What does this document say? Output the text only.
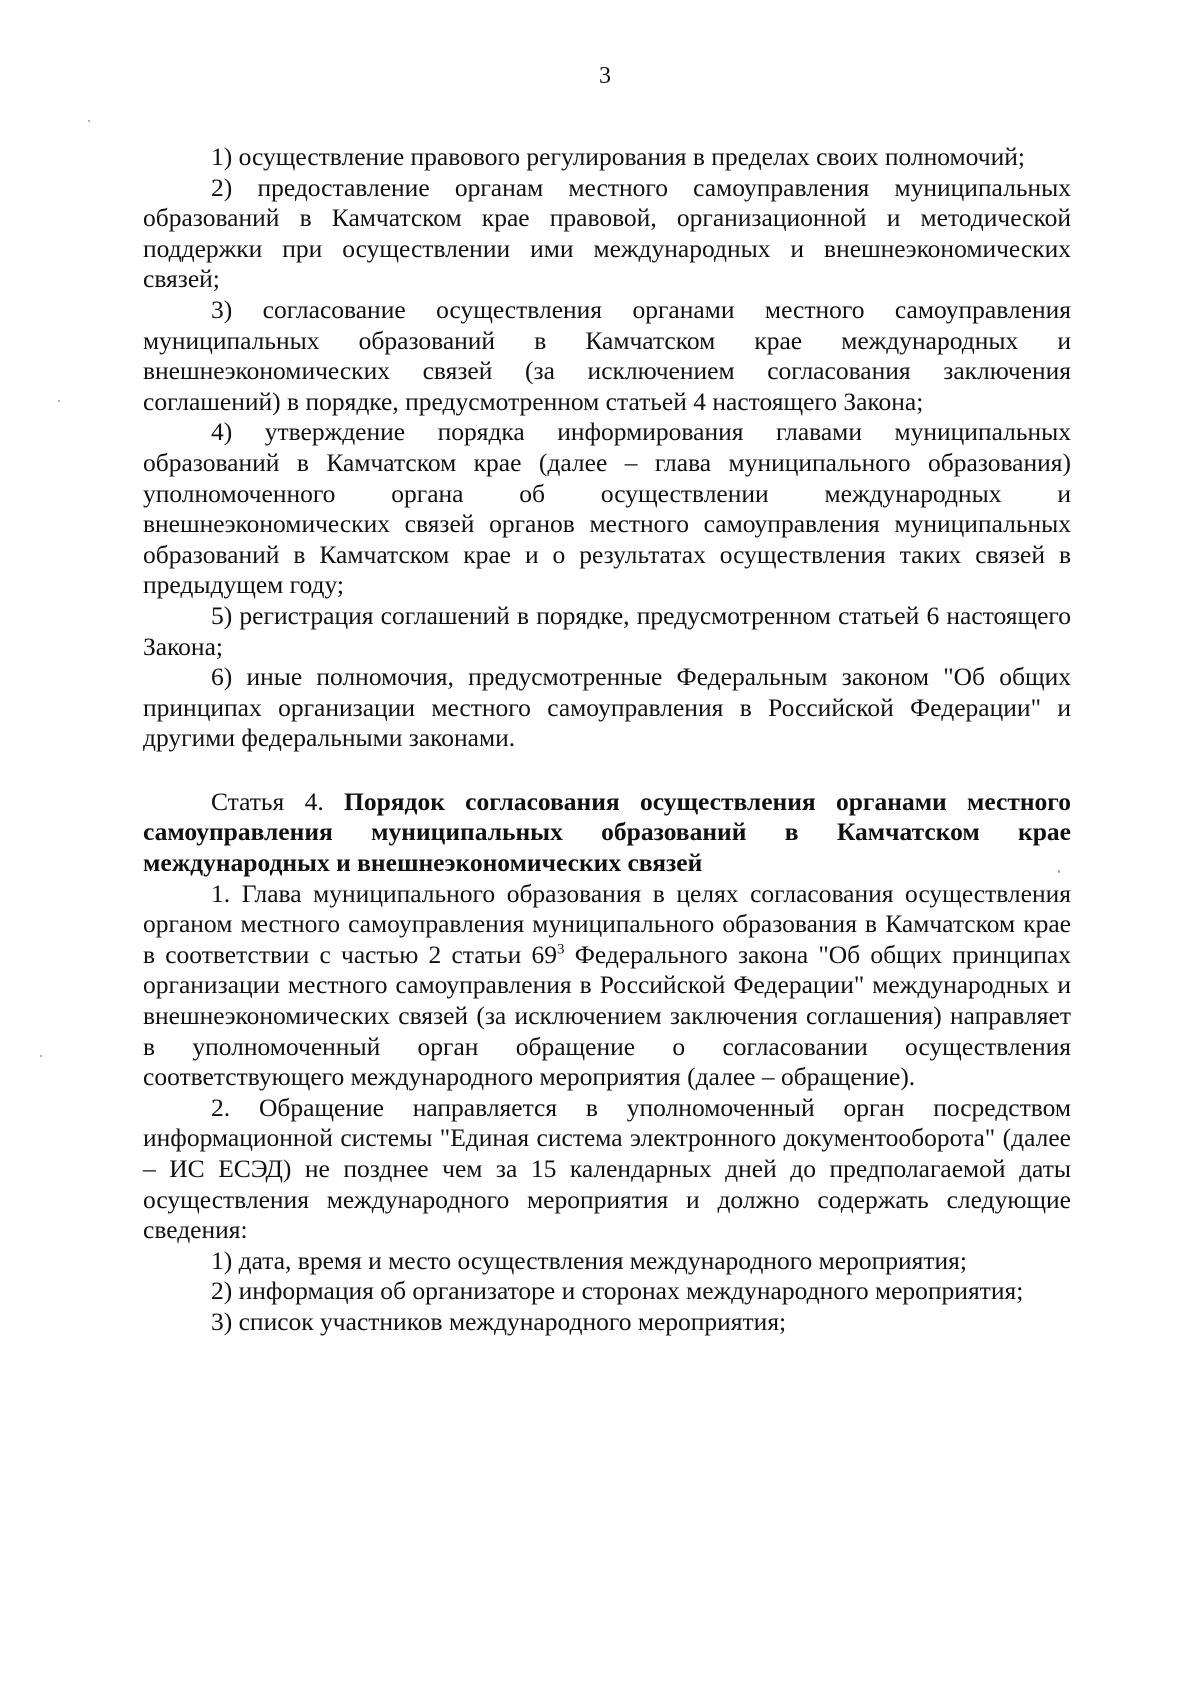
3

1) осуществление правового регулирования в пределах своих полномочий;

2) предоставление органам местного самоуправления муниципальных образований в Камчатском крае правовой, организационной и методической поддержки при осуществлении ими международных и внешнеэкономических связей;

3) согласование осуществления органами местного самоуправления муниципальных образований в Камчатском крае международных и внешнеэкономических связей (за исключением согласования заключения соглашений) в порядке, предусмотренном статьей 4 настоящего Закона;

4) утверждение порядка информирования главами муниципальных образований в Камчатском крае (далее – глава муниципального образования) уполномоченного органа об осуществлении международных и внешнеэкономических связей органов местного самоуправления муниципальных образований в Камчатском крае и о результатах осуществления таких связей в предыдущем году;

5) регистрация соглашений в порядке, предусмотренном статьей 6 настоящего Закона;

6) иные полномочия, предусмотренные Федеральным законом "Об общих принципах организации местного самоуправления в Российской Федерации" и другими федеральными законами.

Статья 4. Порядок согласования осуществления органами местного самоуправления муниципальных образований в Камчатском крае международных и внешнеэкономических связей

1. Глава муниципального образования в целях согласования осуществления органом местного самоуправления муниципального образования в Камчатском крае в соответствии с частью 2 статьи $69^3$ Федерального закона "Об общих принципах организации местного самоуправления в Российской Федерации" международных и внешнеэкономических связей (за исключением заключения соглашения) направляет в уполномоченный орган обращение о согласовании осуществления соответствующего международного мероприятия (далее – обращение).

2. Обращение направляется в уполномоченный орган посредством информационной системы "Единая система электронного документооборота" (далее – ИС ЕСЭД) не позднее чем за 15 календарных дней до предполагаемой даты осуществления международного мероприятия и должно содержать следующие сведения:

1) дата, время и место осуществления международного мероприятия;

2) информация об организаторе и сторонах международного мероприятия;

3) список участников международного мероприятия;
